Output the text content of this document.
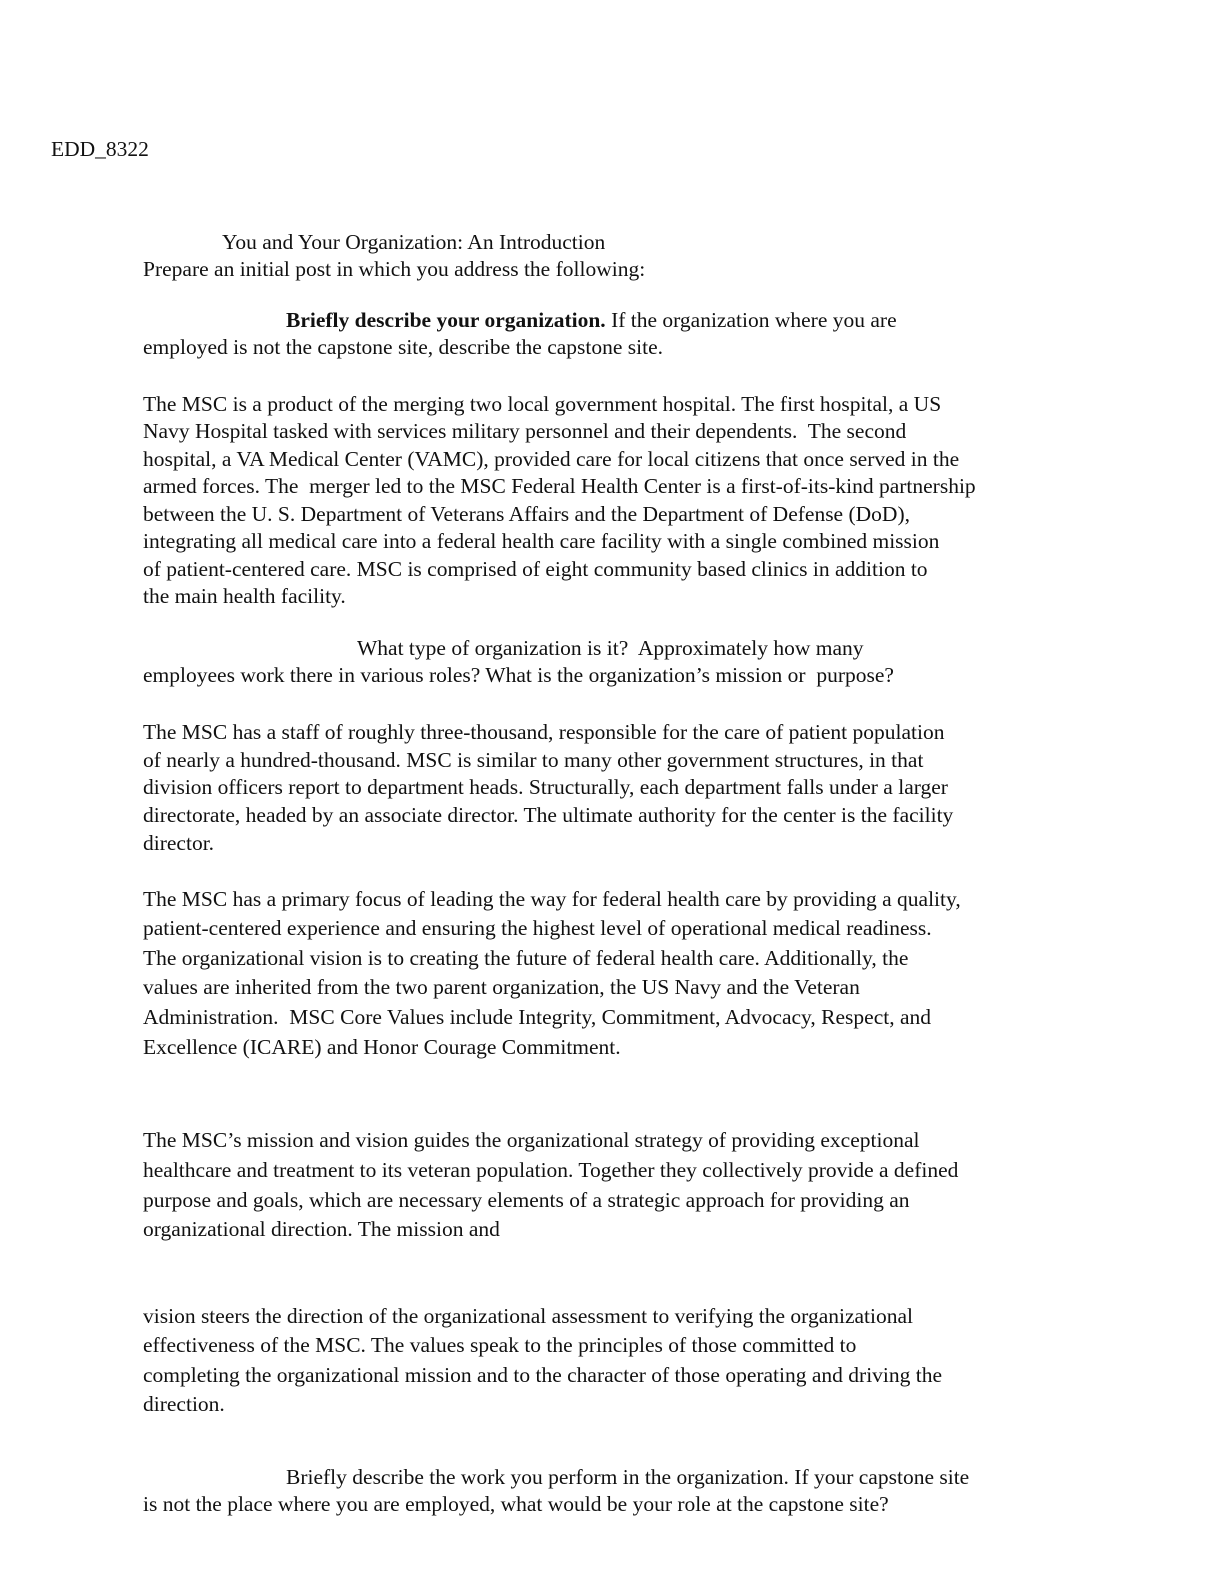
EDD_8322
You and Your Organization: An Introduction
Prepare an initial post in which you address the following:
Briefly describe your organization. If the organization where you are
employed is not the capstone site, describe the capstone site.
The MSC is a product of the merging two local government hospital. The first hospital, a US
Navy Hospital tasked with services military personnel and their dependents.  The second
hospital, a VA Medical Center (VAMC), provided care for local citizens that once served in the
armed forces. The  merger led to the MSC Federal Health Center is a first-of-its-kind partnership
between the U. S. Department of Veterans Affairs and the Department of Defense (DoD),
integrating all medical care into a federal health care facility with a single combined mission
of patient-centered care. MSC is comprised of eight community based clinics in addition to
the main health facility.
What type of organization is it?  Approximately how many
employees work there in various roles? What is the organization’s mission or  purpose?
The MSC has a staff of roughly three-thousand, responsible for the care of patient population
of nearly a hundred-thousand. MSC is similar to many other government structures, in that
division officers report to department heads. Structurally, each department falls under a larger
directorate, headed by an associate director. The ultimate authority for the center is the facility
director.
The MSC has a primary focus of leading the way for federal health care by providing a quality,
patient-centered experience and ensuring the highest level of operational medical readiness.
The organizational vision is to creating the future of federal health care. Additionally, the
values are inherited from the two parent organization, the US Navy and the Veteran
Administration.  MSC Core Values include Integrity, Commitment, Advocacy, Respect, and
Excellence (ICARE) and Honor Courage Commitment.
The MSC’s mission and vision guides the organizational strategy of providing exceptional
healthcare and treatment to its veteran population. Together they collectively provide a defined
purpose and goals, which are necessary elements of a strategic approach for providing an
organizational direction. The mission and
vision steers the direction of the organizational assessment to verifying the organizational
effectiveness of the MSC. The values speak to the principles of those committed to
completing the organizational mission and to the character of those operating and driving the
direction.
Briefly describe the work you perform in the organization. If your capstone site
is not the place where you are employed, what would be your role at the capstone site?
